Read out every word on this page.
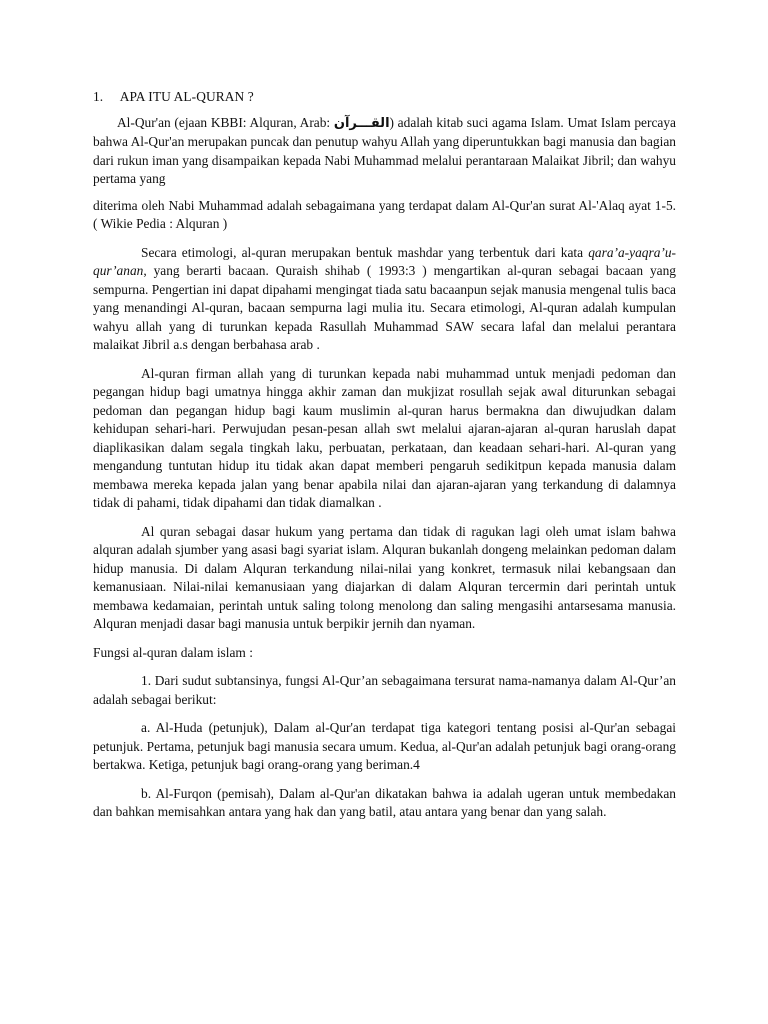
1. APA ITU AL-QURAN ?

Al-Qur'an (ejaan KBBI: Alquran, Arab: القـــرآن) adalah kitab suci agama Islam. Umat Islam percaya bahwa Al-Qur'an merupakan puncak dan penutup wahyu Allah yang diperuntukkan bagi manusia dan bagian dari rukun iman yang disampaikan kepada Nabi Muhammad melalui perantaraan Malaikat Jibril; dan wahyu pertama yang

diterima oleh Nabi Muhammad adalah sebagaimana yang terdapat dalam Al-Qur'an surat Al-'Alaq ayat 1-5. ( Wikie Pedia : Alquran )

Secara etimologi, al-quran merupakan bentuk mashdar yang terbentuk dari kata qara’a-yaqra’u-qur’anan, yang berarti bacaan. Quraish shihab ( 1993:3 ) mengartikan al-quran sebagai bacaan yang sempurna. Pengertian ini dapat dipahami mengingat tiada satu bacaanpun sejak manusia mengenal tulis baca yang menandingi Al-quran, bacaan sempurna lagi mulia itu. Secara etimologi, Al-quran adalah kumpulan wahyu allah yang di turunkan kepada Rasullah Muhammad SAW secara lafal dan melalui perantara malaikat Jibril a.s dengan berbahasa arab .

Al-quran firman allah yang di turunkan kepada nabi muhammad untuk menjadi pedoman dan pegangan hidup bagi umatnya hingga akhir zaman dan mukjizat rosullah sejak awal diturunkan sebagai pedoman dan pegangan hidup bagi kaum muslimin al-quran harus bermakna dan diwujudkan dalam kehidupan sehari-hari. Perwujudan pesan-pesan allah swt melalui ajaran-ajaran al-quran haruslah dapat diaplikasikan dalam segala tingkah laku, perbuatan, perkataan, dan keadaan sehari-hari. Al-quran yang mengandung tuntutan hidup itu tidak akan dapat memberi pengaruh sedikitpun kepada manusia dalam membawa mereka kepada jalan yang benar apabila nilai dan ajaran-ajaran yang terkandung di dalamnya tidak di pahami, tidak dipahami dan tidak diamalkan .

Al quran sebagai dasar hukum yang pertama dan tidak di ragukan lagi oleh umat islam bahwa alquran adalah sjumber yang asasi bagi syariat islam. Alquran bukanlah dongeng melainkan pedoman dalam hidup manusia. Di dalam Alquran terkandung nilai-nilai yang konkret, termasuk nilai kebangsaan dan kemanusiaan. Nilai-nilai kemanusiaan yang diajarkan di dalam Alquran tercermin dari perintah untuk membawa kedamaian, perintah untuk saling tolong menolong dan saling mengasihi antarsesama manusia. Alquran menjadi dasar bagi manusia untuk berpikir jernih dan nyaman.

Fungsi al-quran dalam islam :

1. Dari sudut subtansinya, fungsi Al-Qur’an sebagaimana tersurat nama-namanya dalam Al-Qur’an adalah sebagai berikut:

a. Al-Huda (petunjuk), Dalam al-Qur'an terdapat tiga kategori tentang posisi al-Qur'an sebagai petunjuk. Pertama, petunjuk bagi manusia secara umum. Kedua, al-Qur'an adalah petunjuk bagi orang-orang bertakwa. Ketiga, petunjuk bagi orang-orang yang beriman.4

b. Al-Furqon (pemisah), Dalam al-Qur'an dikatakan bahwa ia adalah ugeran untuk membedakan dan bahkan memisahkan antara yang hak dan yang batil, atau antara yang benar dan yang salah.
